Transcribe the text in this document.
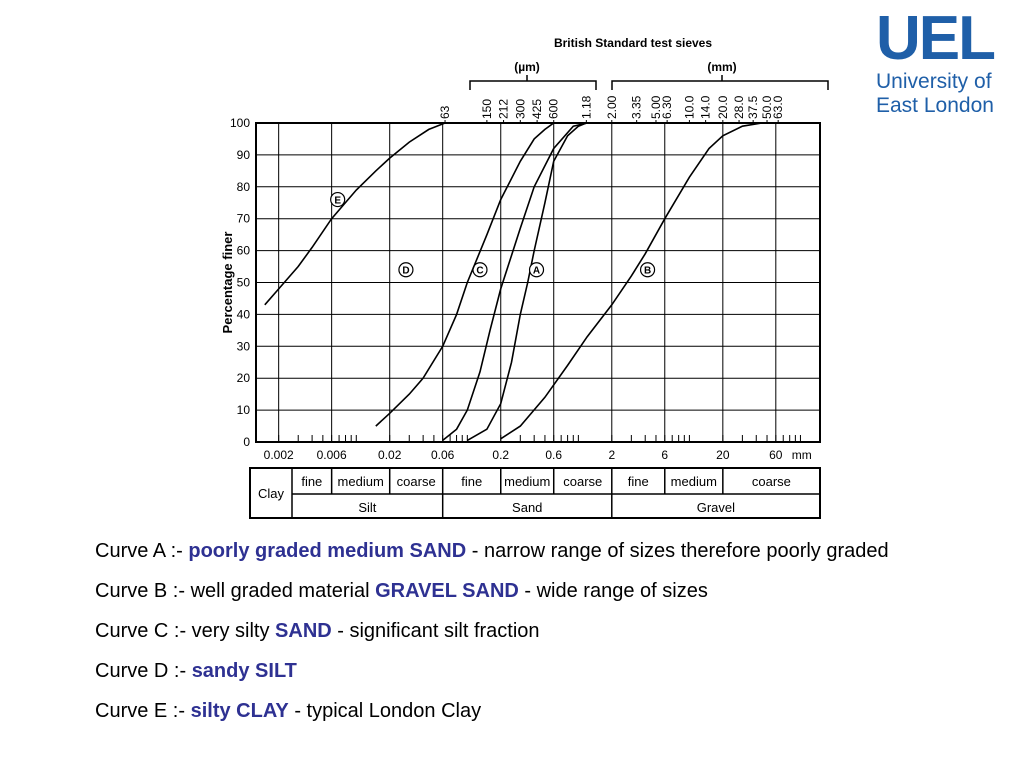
0
10
20
30
40
50
60
70
80
90
100
0.002 0.006	0.02 0.06	0.2	0.6	2	6	20	60 mm
Percentage finer
British Standard test sieves
(µm)	(mm)
63 150 212 300 425 600 1.18 2.00 3.35 5.00
6.30 10.0 14.0 20.0 28.0 37.5 50.0
63.0
A	B
C
D
E
Clay
Silt
fine medium coarse
Sand
fine medium coarse
Gravel
fine medium	coarse
UEL
University of
East London

Curve A :- poorly graded medium SAND - narrow range of sizes therefore poorly graded

Curve B :- well graded material GRAVEL SAND - wide range of sizes

Curve C :- very silty SAND - significant silt fraction

Curve D :- sandy SILT

Curve E :- silty CLAY - typical London Clay
